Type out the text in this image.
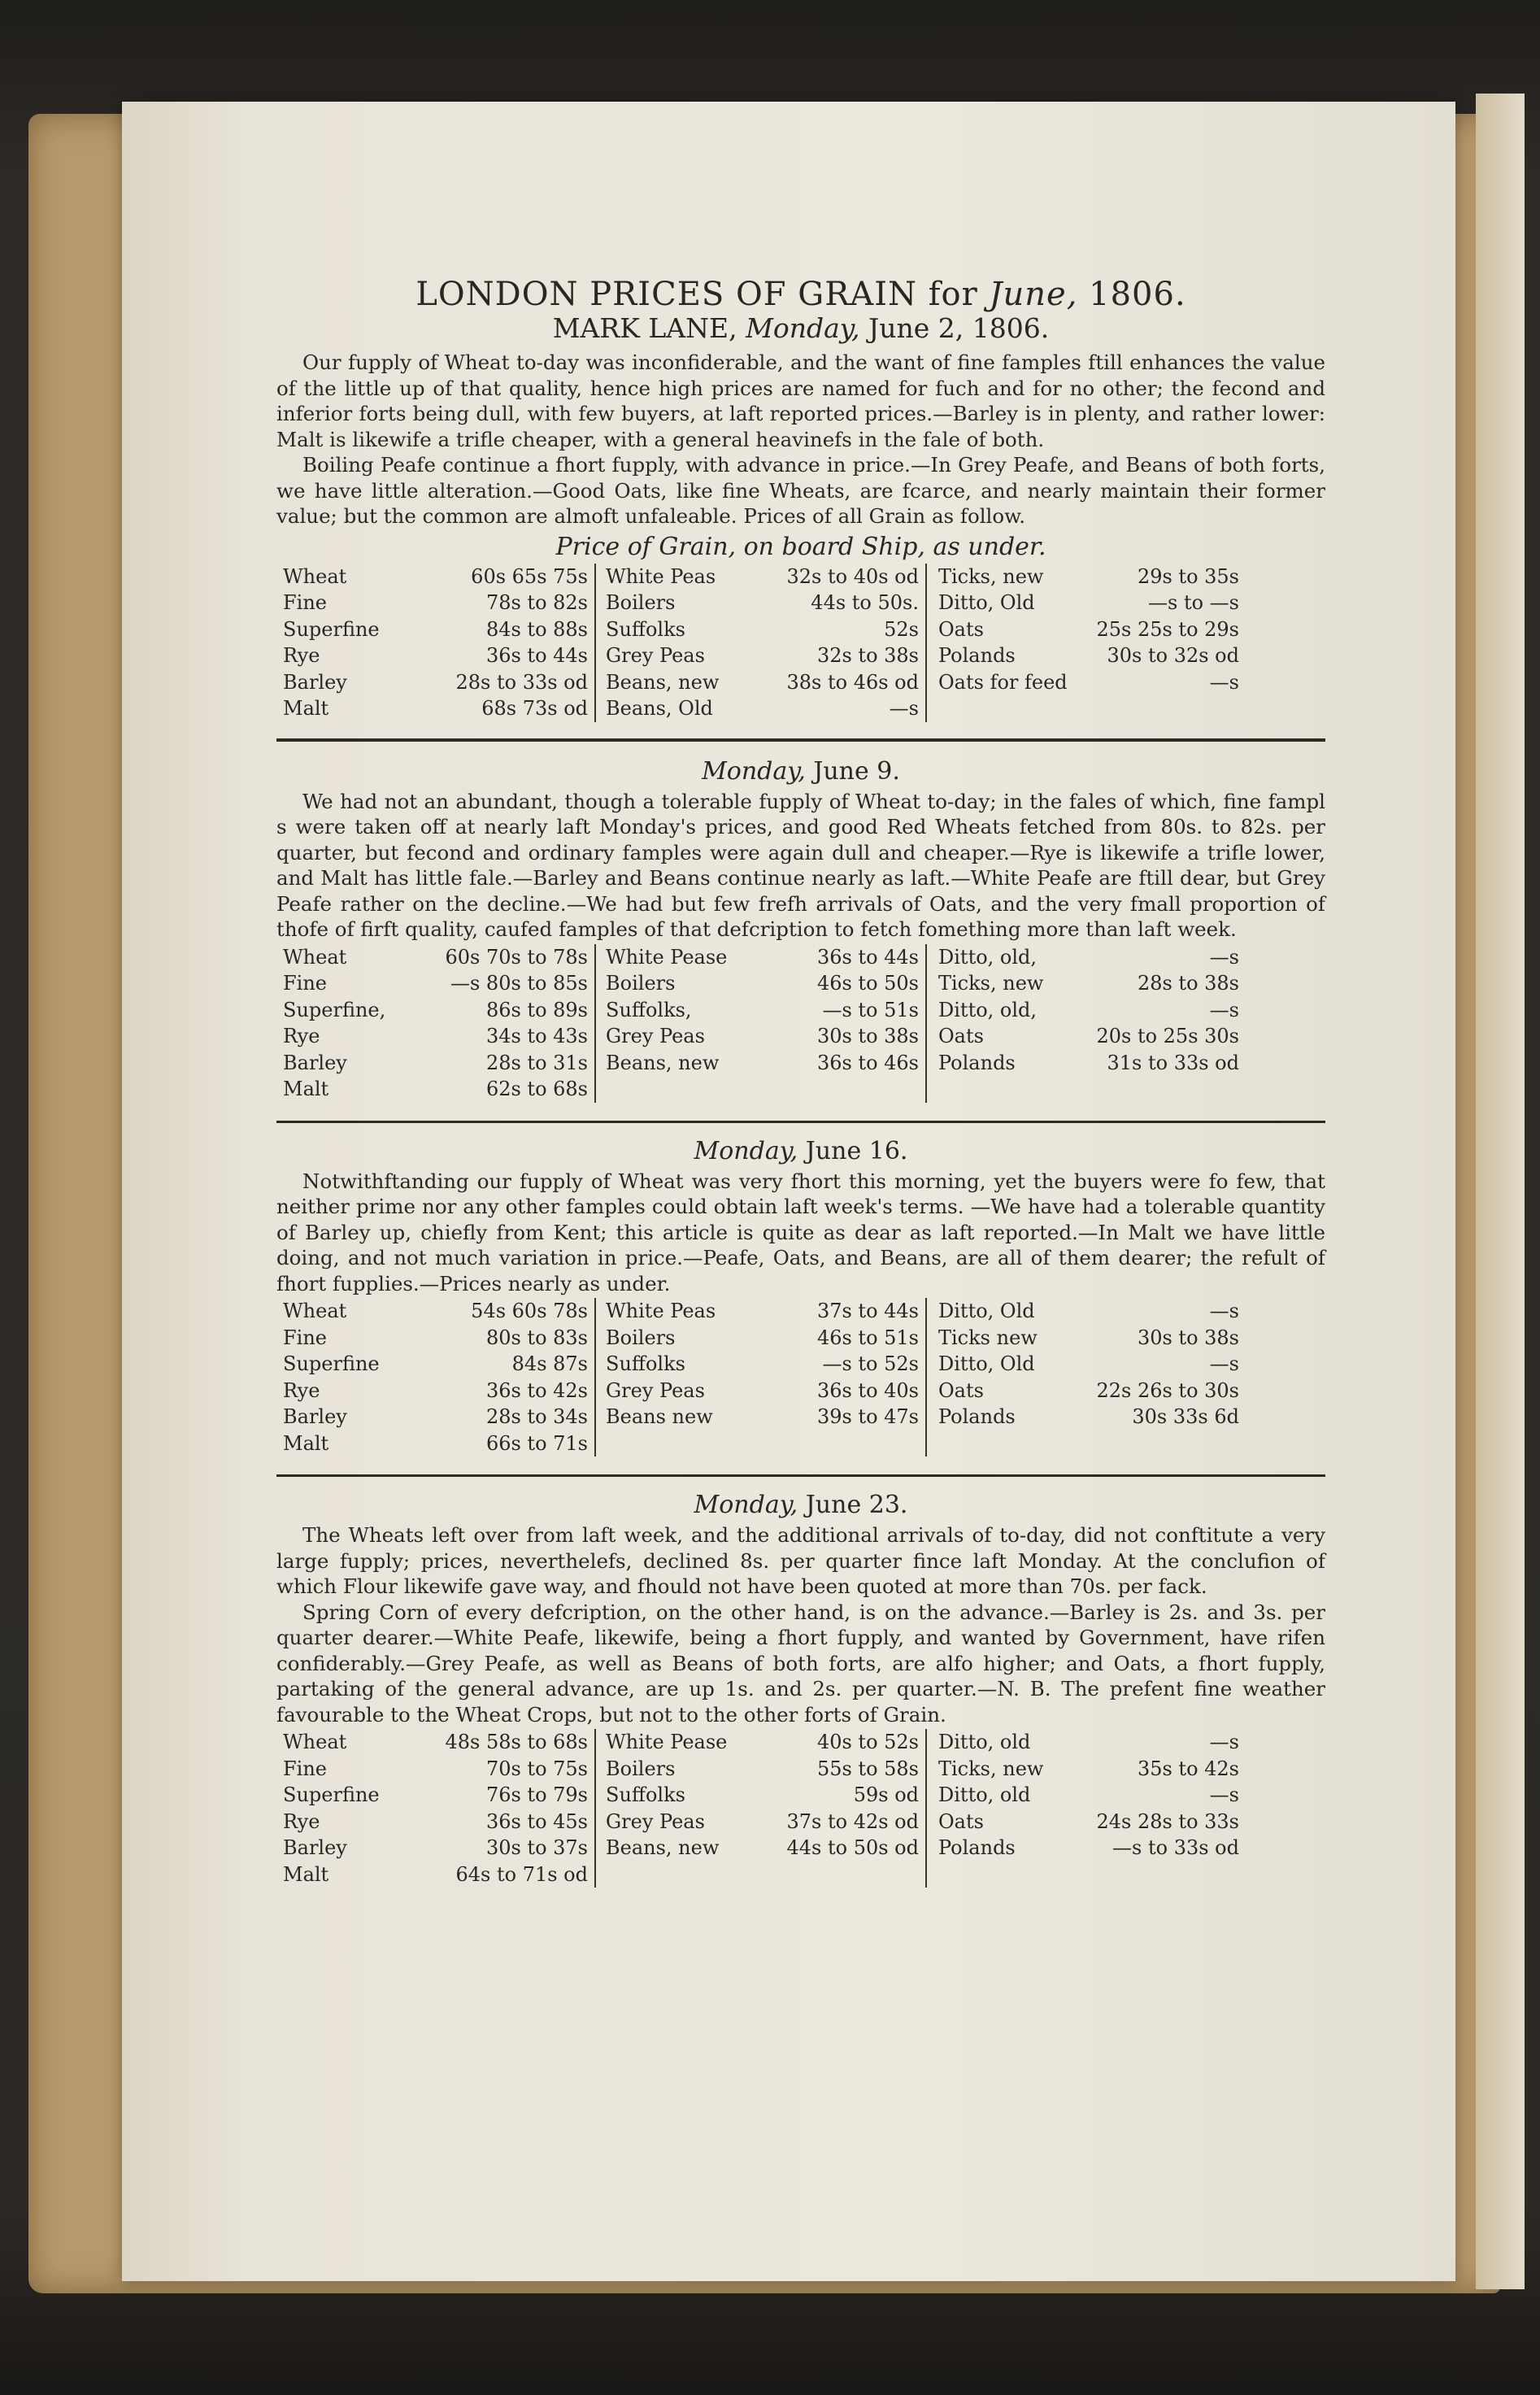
LONDON PRICES OF GRAIN for June, 1806.
MARK LANE, Monday, June 2, 1806.

Our fupply of Wheat to-day was inconfiderable, and the want of fine famples ftill enhances the value of the little up of that quality, hence high prices are named for fuch and for no other; the fecond and inferior forts being dull, with few buyers, at laft reported prices.—Barley is in plenty, and rather lower: Malt is likewife a trifle cheaper, with a general heavinefs in the fale of both.

Boiling Peafe continue a fhort fupply, with advance in price.—In Grey Peafe, and Beans of both forts, we have little alteration.—Good Oats, like fine Wheats, are fcarce, and nearly maintain their former value; but the common are almoft unfaleable. Prices of all Grain as follow.

Price of Grain, on board Ship, as under.
Wheat	60s 65s 75s
Fine	78s to 82s
Superfine	84s to 88s
Rye	36s to 44s
Barley	28s to 33s od
Malt	68s 73s od
White Peas	32s to 40s od
Boilers	44s to 50s.
Suffolks	52s
Grey Peas	32s to 38s
Beans, new	38s to 46s od
Beans, Old	—s
Ticks, new	29s to 35s
Ditto, Old	—s to —s
Oats	25s 25s to 29s
Polands	30s to 32s od
Oats for feed	—s
Monday, June 9.

We had not an abundant, though a tolerable fupply of Wheat to-day; in the fales of which, fine fampl s were taken off at nearly laft Monday's prices, and good Red Wheats fetched from 80s. to 82s. per quarter, but fecond and ordinary famples were again dull and cheaper.—Rye is likewife a trifle lower, and Malt has little fale.—Barley and Beans continue nearly as laft.—White Peafe are ftill dear, but Grey Peafe rather on the decline.—We had but few frefh arrivals of Oats, and the very fmall proportion of thofe of firft quality, caufed famples of that defcription to fetch fomething more than laft week.

Wheat	60s 70s to 78s
Fine	—s 80s to 85s
Superfine,	86s to 89s
Rye	34s to 43s
Barley	28s to 31s
Malt	62s to 68s
White Pease	36s to 44s
Boilers	46s to 50s
Suffolks,	—s to 51s
Grey Peas	30s to 38s
Beans, new	36s to 46s
Ditto, old,	—s
Ticks, new	28s to 38s
Ditto, old,	—s
Oats	20s to 25s 30s
Polands	31s to 33s od
Monday, June 16.

Notwithftanding our fupply of Wheat was very fhort this morning, yet the buyers were fo few, that neither prime nor any other famples could obtain laft week's terms. —We have had a tolerable quantity of Barley up, chiefly from Kent; this article is quite as dear as laft reported.—In Malt we have little doing, and not much variation in price.—Peafe, Oats, and Beans, are all of them dearer; the refult of fhort fupplies.—Prices nearly as under.

Wheat	54s 60s 78s
Fine	80s to 83s
Superfine	84s 87s
Rye	36s to 42s
Barley	28s to 34s
Malt	66s to 71s
White Peas	37s to 44s
Boilers	46s to 51s
Suffolks	—s to 52s
Grey Peas	36s to 40s
Beans new	39s to 47s
Ditto, Old	—s
Ticks new	30s to 38s
Ditto, Old	—s
Oats	22s 26s to 30s
Polands	30s 33s 6d
Monday, June 23.

The Wheats left over from laft week, and the additional arrivals of to-day, did not conftitute a very large fupply; prices, neverthelefs, declined 8s. per quarter fince laft Monday. At the conclufion of which Flour likewife gave way, and fhould not have been quoted at more than 70s. per fack.

Spring Corn of every defcription, on the other hand, is on the advance.—Barley is 2s. and 3s. per quarter dearer.—White Peafe, likewife, being a fhort fupply, and wanted by Government, have rifen confiderably.—Grey Peafe, as well as Beans of both forts, are alfo higher; and Oats, a fhort fupply, partaking of the general advance, are up 1s. and 2s. per quarter.—N. B. The prefent fine weather favourable to the Wheat Crops, but not to the other forts of Grain.

Wheat	48s 58s to 68s
Fine	70s to 75s
Superfine	76s to 79s
Rye	36s to 45s
Barley	30s to 37s
Malt	64s to 71s od
White Pease	40s to 52s
Boilers	55s to 58s
Suffolks	59s od
Grey Peas	37s to 42s od
Beans, new	44s to 50s od
Ditto, old	—s
Ticks, new	35s to 42s
Ditto, old	—s
Oats	24s 28s to 33s
Polands	—s to 33s od
